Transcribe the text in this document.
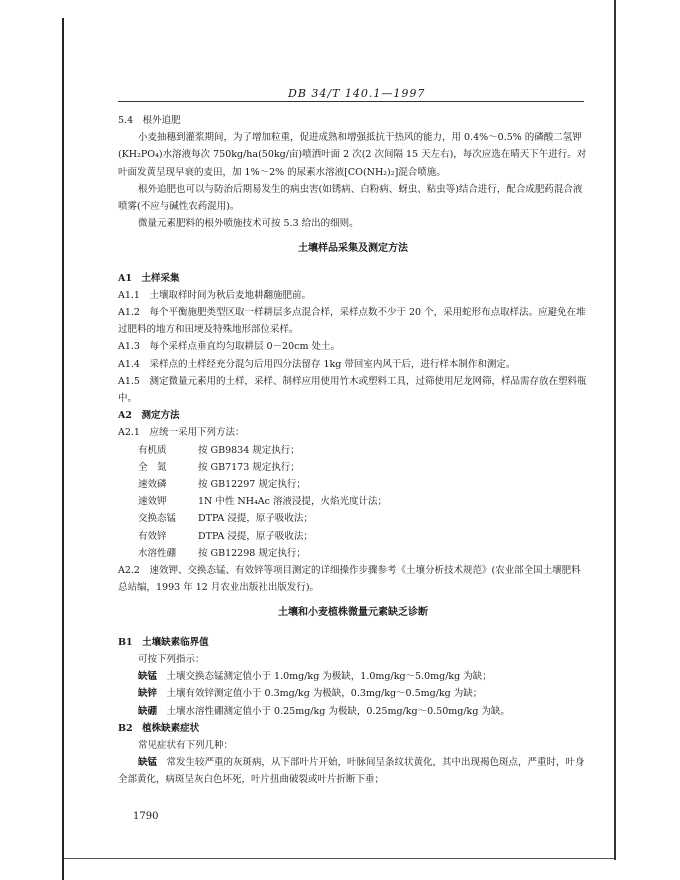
DB 34/T 140.1—1997

5.4　根外追肥

小麦抽穗到灌浆期间，为了增加粒重，促进成熟和增强抵抗干热风的能力，用 0.4%～0.5% 的磷酸二氢钾(KH₂PO₄)水溶液每次 750kg/ha(50kg/亩)喷洒叶面 2 次(2 次间隔 15 天左右)，每次应选在晴天下午进行。对叶面发黄呈现早衰的麦田，加 1%～2% 的尿素水溶液[CO(NH₂)₂]混合喷施。

根外追肥也可以与防治后期易发生的病虫害(如锈病、白粉病、蚜虫、粘虫等)结合进行，配合成肥药混合液喷雾(不应与碱性农药混用)。

微量元素肥料的根外喷施技术可按 5.3 给出的细则。

土壤样品采集及测定方法

A1　土样采集

A1.1　土壤取样时间为秋后麦地耕翻施肥前。

A1.2　每个平衡施肥类型区取一样耕层多点混合样，采样点数不少于 20 个，采用蛇形布点取样法。应避免在堆过肥料的地方和田埂及特殊地形部位采样。

A1.3　每个采样点垂直均匀取耕层 0－20cm 处土。

A1.4　采样点的土样经充分混匀后用四分法留存 1kg 带回室内风干后，进行样本制作和测定。

A1.5　测定微量元素用的土样，采样、制样应用使用竹木或塑料工具，过筛使用尼龙网筛，样品需存放在塑料瓶中。

A2　测定方法

A2.1　应统一采用下列方法：

有机质	按 GB9834 规定执行；
全　氮	按 GB7173 规定执行；
速效磷	按 GB12297 规定执行；
速效钾	1N 中性 NH₄Ac 溶液浸提，火焰光度计法；
交换态锰	DTPA 浸提，原子吸收法；
有效锌	DTPA 浸提，原子吸收法；
水溶性硼	按 GB12298 规定执行；

A2.2　速效钾、交换态锰、有效锌等项目测定的详细操作步骤参考《土壤分析技术规范》(农业部全国土壤肥料总站编，1993 年 12 月农业出版社出版发行)。

土壤和小麦植株微量元素缺乏诊断

B1　土壤缺素临界值

可按下列指示：

缺锰　土壤交换态锰测定值小于 1.0mg/kg 为极缺，1.0mg/kg～5.0mg/kg 为缺；

缺锌　土壤有效锌测定值小于 0.3mg/kg 为极缺，0.3mg/kg～0.5mg/kg 为缺；

缺硼　土壤水溶性硼测定值小于 0.25mg/kg 为极缺，0.25mg/kg～0.50mg/kg 为缺。

B2　植株缺素症状

常见症状有下列几种：

缺锰　常发生较严重的灰斑病，从下部叶片开始，叶脉间呈条纹状黄化，其中出现褐色斑点，严重时，叶身全部黄化，病斑呈灰白色坏死，叶片扭曲破裂或叶片折断下垂；

1790
